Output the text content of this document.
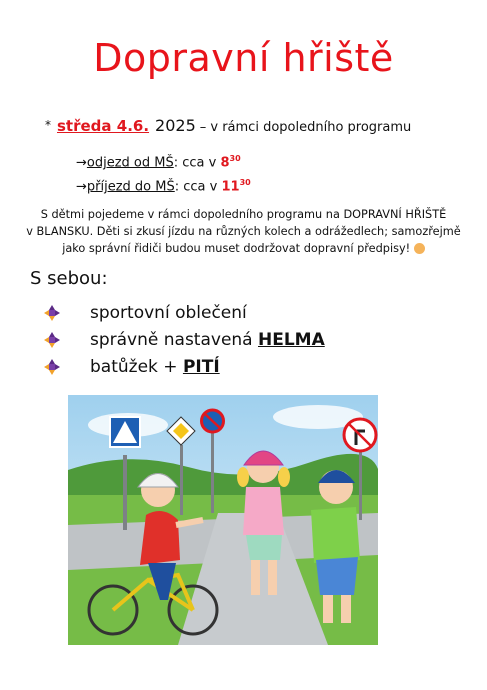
Dopravní hřiště
* středa 4.6. 2025 – v rámci dopoledního programu
→odjezd od MŠ: cca v $8^{30}$
→příjezd do MŠ: cca v $11^{30}$
S dětmi pojedeme v rámci dopoledního programu na DOPRAVNÍ HŘIŠTĚ
v BLANSKU. Děti si zkusí jízdu na různých kolech a odrážedlech; samozřejmě
jako správní řidiči budou muset dodržovat dopravní předpisy!
S sebou:
sportovní oblečení
správně nastavená HELMA
batůžek + PITÍ
